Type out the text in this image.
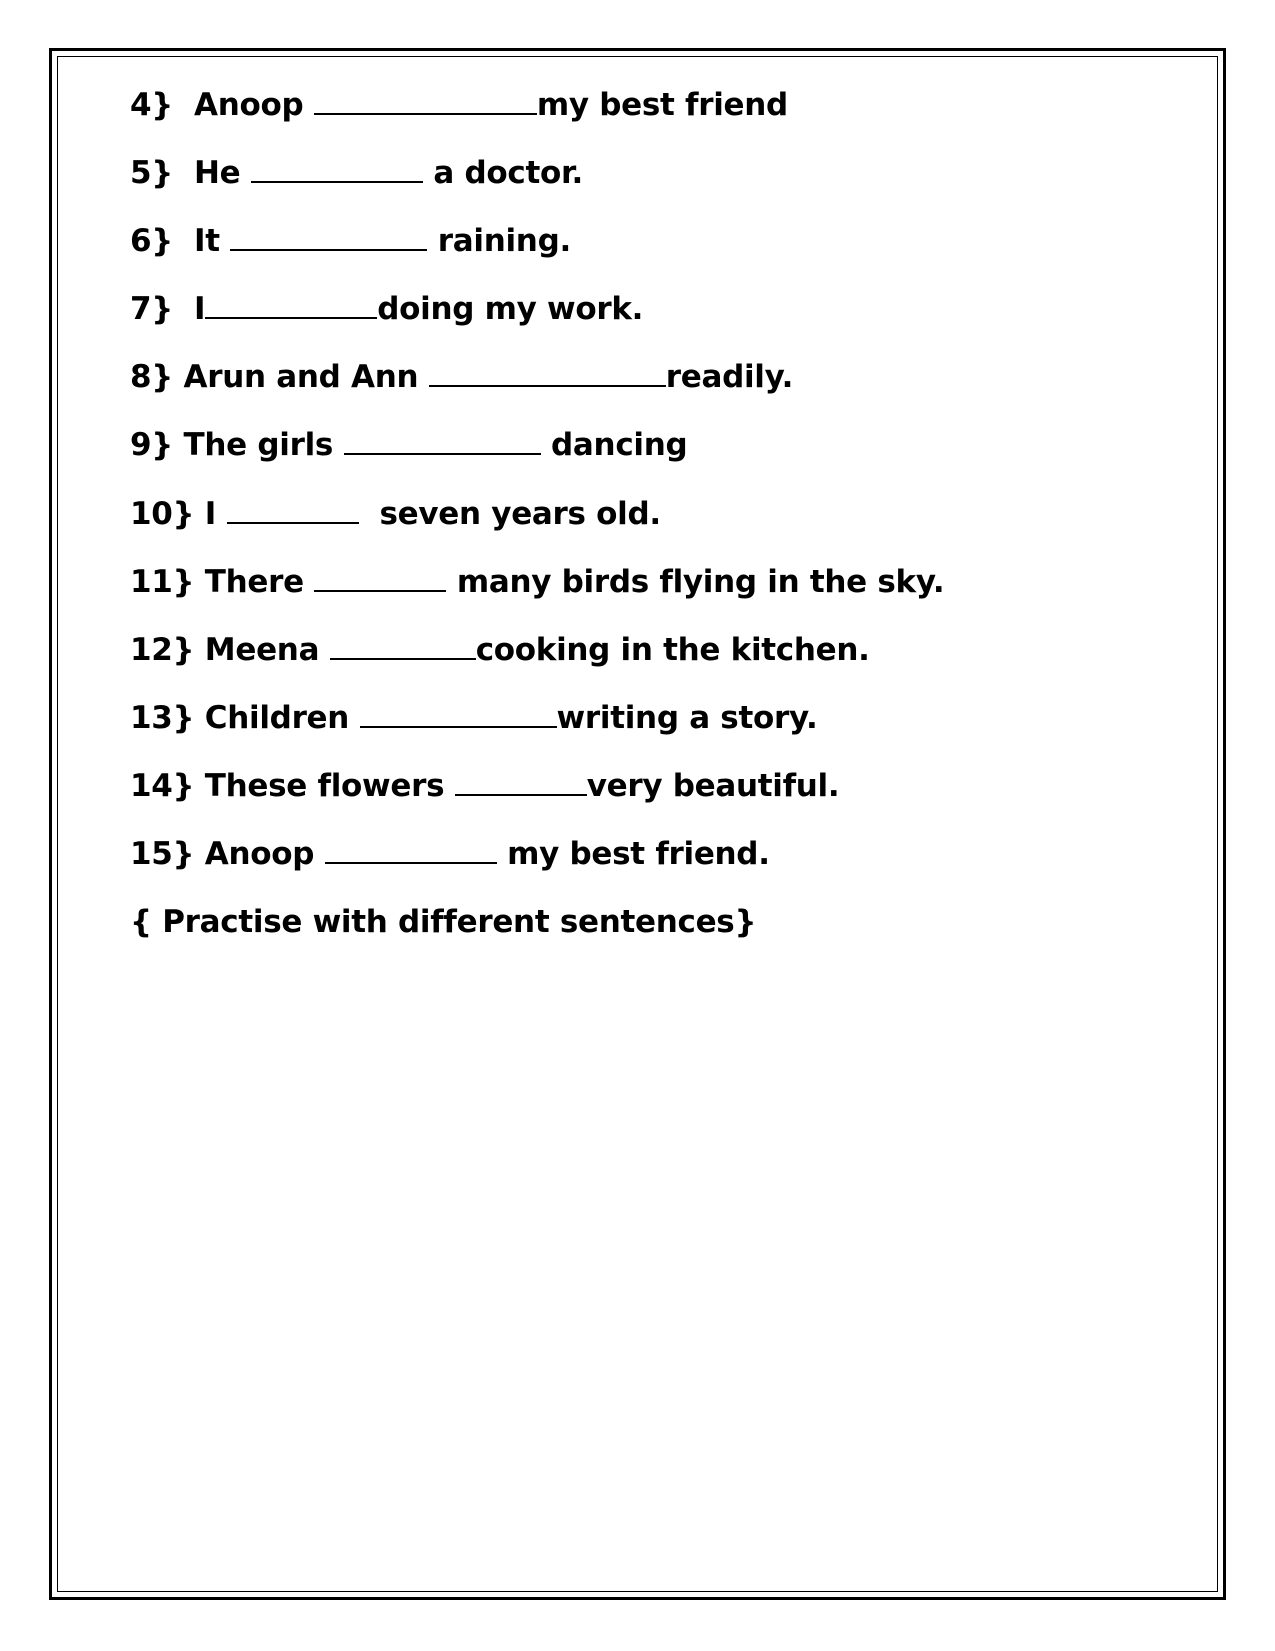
4}  Anoop	my best friend
5}  He	a doctor.
6}  It	raining.
7}  I	doing my work.
8} Arun and Ann	readily.
9} The girls	dancing
10} I	seven years old.
11} There	many birds flying in the sky.
12} Meena	cooking in the kitchen.
13} Children	writing a story.
14} These flowers	very beautiful.
15} Anoop	my best friend.
{ Practise with different sentences}
